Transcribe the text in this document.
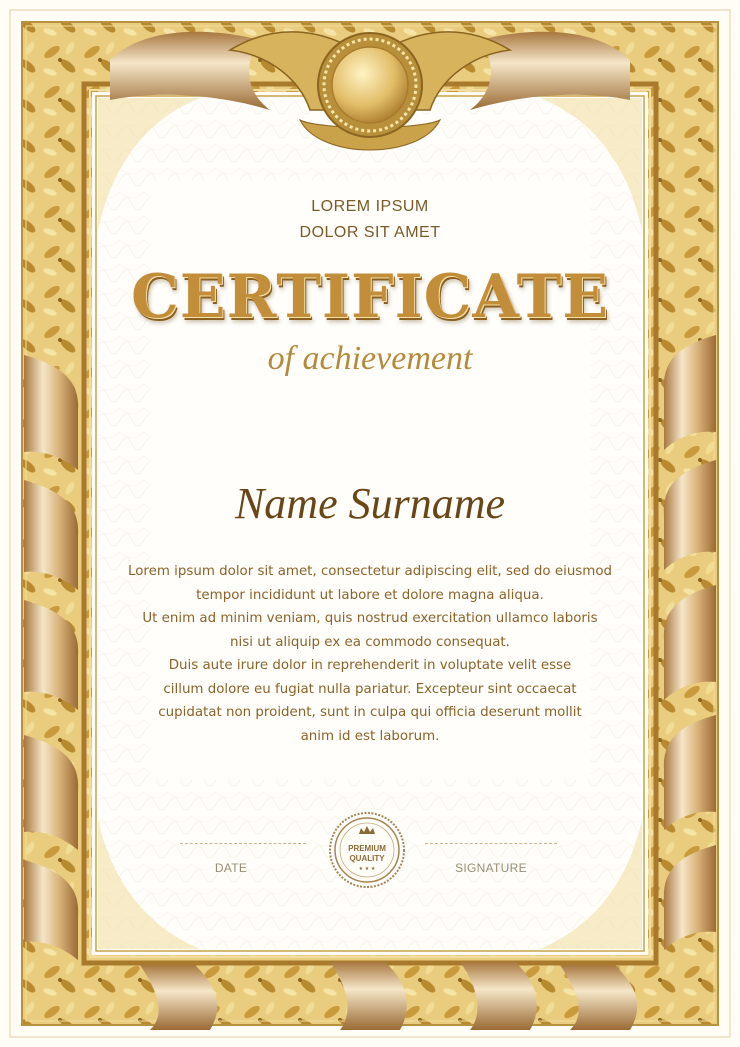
LOREM IPSUM
DOLOR SIT AMET
CERTIFICATE
of achievement
Name Surname
Lorem ipsum dolor sit amet, consectetur adipiscing elit, sed do eiusmod
tempor incididunt ut labore et dolore magna aliqua.
Ut enim ad minim veniam, quis nostrud exercitation ullamco laboris
nisi ut aliquip ex ea commodo consequat.
Duis aute irure dolor in reprehenderit in voluptate velit esse
cillum dolore eu fugiat nulla pariatur. Excepteur sint occaecat
cupidatat non proident, sunt in culpa qui officia deserunt mollit
anim id est laborum.
DATE	SIGNATURE
PREMIUM
QUALITY
★ ★ ★
